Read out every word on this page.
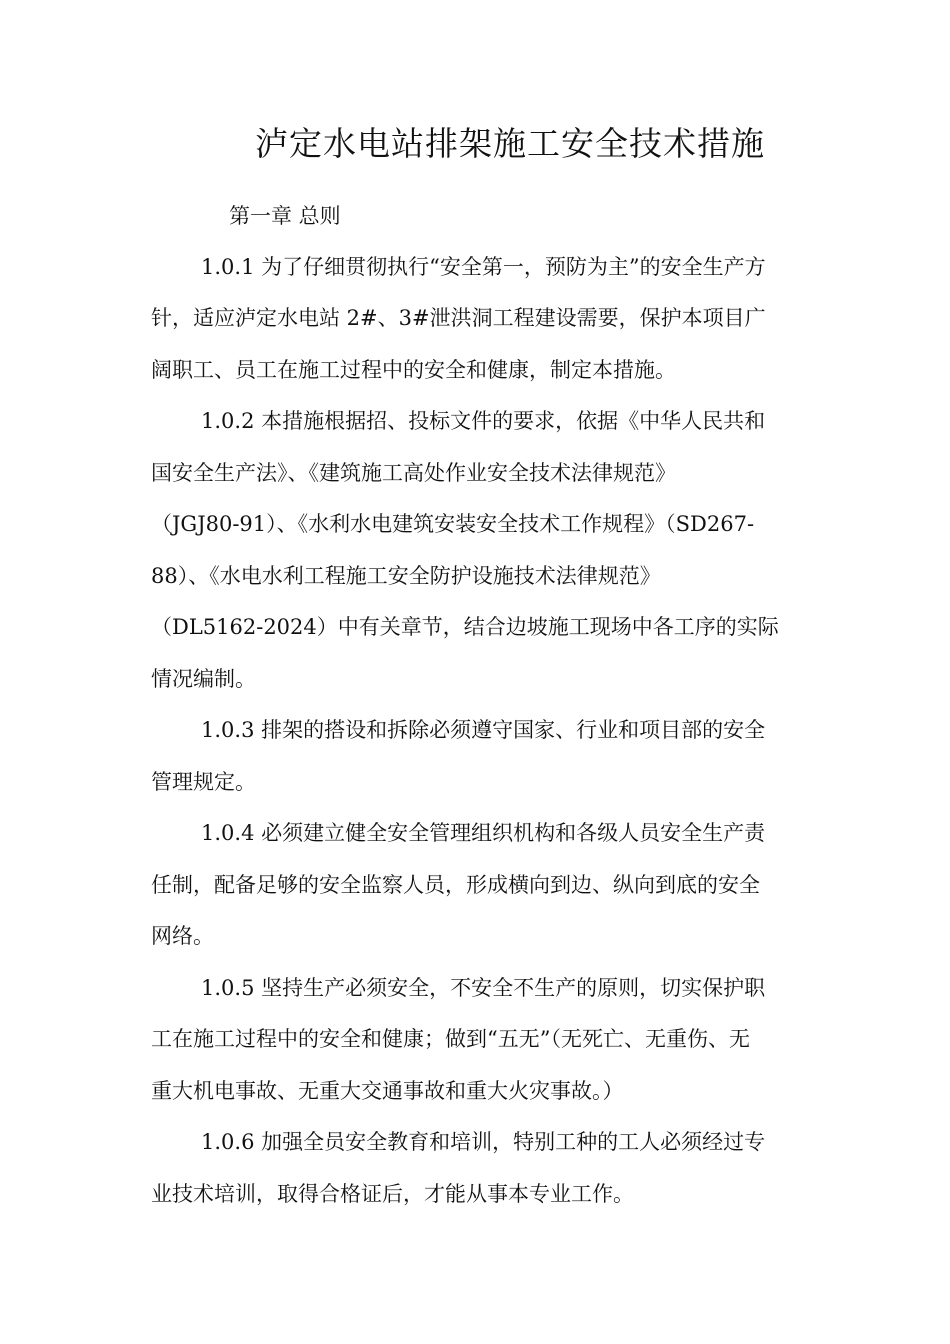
泸定水电站排架施工安全技术措施

第一章 总则

1.0.1 为了仔细贯彻执行“安全第一，预防为主”的安全生产方

针，适应泸定水电站 2#、3#泄洪洞工程建设需要，保护本项目广

阔职工、员工在施工过程中的安全和健康，制定本措施。

1.0.2 本措施根据招、投标文件的要求，依据《中华人民共和

国安全生产法》、《建筑施工高处作业安全技术法律规范》

（JGJ80-91）、《水利水电建筑安装安全技术工作规程》（SD267-

88）、《水电水利工程施工安全防护设施技术法律规范》

（DL5162-2024）中有关章节，结合边坡施工现场中各工序的实际

情况编制。

1.0.3 排架的搭设和拆除必须遵守国家、行业和项目部的安全

管理规定。

1.0.4 必须建立健全安全管理组织机构和各级人员安全生产责

任制，配备足够的安全监察人员，形成横向到边、纵向到底的安全

网络。

1.0.5 坚持生产必须安全，不安全不生产的原则，切实保护职

工在施工过程中的安全和健康；做到“五无”（无死亡、无重伤、无

重大机电事故、无重大交通事故和重大火灾事故。）

1.0.6 加强全员安全教育和培训，特别工种的工人必须经过专

业技术培训，取得合格证后，才能从事本专业工作。
